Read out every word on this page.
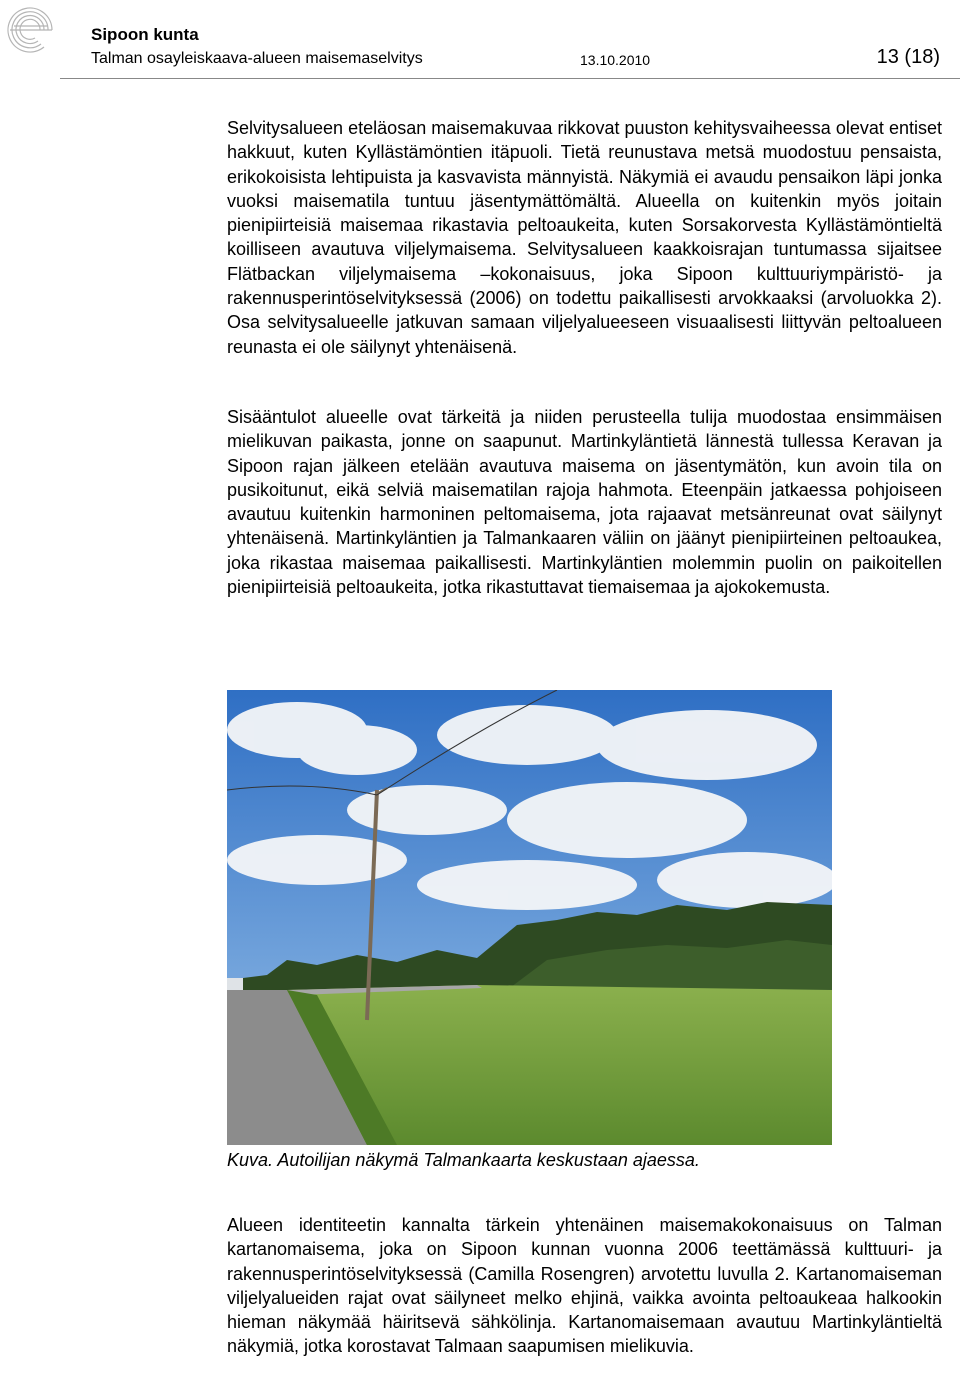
Sipoon kunta
Talman osayleiskaava-alueen maisemaselvitys	13.10.2010	13 (18)
Selvitysalueen eteläosan maisemakuvaa rikkovat puuston kehitysvaiheessa olevat entiset hakkuut, kuten Kyllästämöntien itäpuoli. Tietä reunustava metsä muodostuu pensaista, erikokoisista lehtipuista ja kasvavista männyistä. Näkymiä ei avaudu pensaikon läpi jonka vuoksi maisematila tuntuu jäsentymättömältä. Alueella on kuitenkin myös joitain pienipiirteisiä maisemaa rikastavia peltoaukeita, kuten Sorsakorvesta Kyllästämöntieltä koilliseen avautuva viljelymaisema. Selvitysalueen kaakkoisrajan tuntumassa sijaitsee Flätbackan viljelymaisema –kokonaisuus, joka Sipoon kulttuuriympäristö- ja rakennusperintöselvityksessä (2006) on todettu paikallisesti arvokkaaksi (arvoluokka 2). Osa selvitysalueelle jatkuvan samaan viljelyalueeseen visuaalisesti liittyvän peltoalueen reunasta ei ole säilynyt yhtenäisenä.
Sisääntulot alueelle ovat tärkeitä ja niiden perusteella tulija muodostaa ensimmäisen mielikuvan paikasta, jonne on saapunut. Martinkyläntietä lännestä tullessa Keravan ja Sipoon rajan jälkeen etelään avautuva maisema on jäsentymätön, kun avoin tila on pusikoitunut, eikä selviä maisematilan rajoja hahmota. Eteenpäin jatkaessa pohjoiseen avautuu kuitenkin harmoninen peltomaisema, jota rajaavat metsänreunat ovat säilynyt yhtenäisenä. Martinkyläntien ja Talmankaaren väliin on jäänyt pienipiirteinen peltoaukea, joka rikastaa maisemaa paikallisesti. Martinkyläntien molemmin puolin on paikoitellen pienipiirteisiä peltoaukeita, jotka rikastuttavat tiemaisemaa ja ajokokemusta.
Kuva. Autoilijan näkymä Talmankaarta keskustaan ajaessa.
Alueen identiteetin kannalta tärkein yhtenäinen maisemakokonaisuus on Talman kartanomaisema, joka on Sipoon kunnan vuonna 2006 teettämässä kulttuuri- ja rakennusperintöselvityksessä (Camilla Rosengren) arvotettu luvulla 2. Kartanomaiseman viljelyalueiden rajat ovat säilyneet melko ehjinä, vaikka avointa peltoaukeaa halkookin hieman näkymää häiritsevä sähkölinja. Kartanomaisemaan avautuu Martinkyläntieltä näkymiä, jotka korostavat Talmaan saapumisen mielikuvia.
